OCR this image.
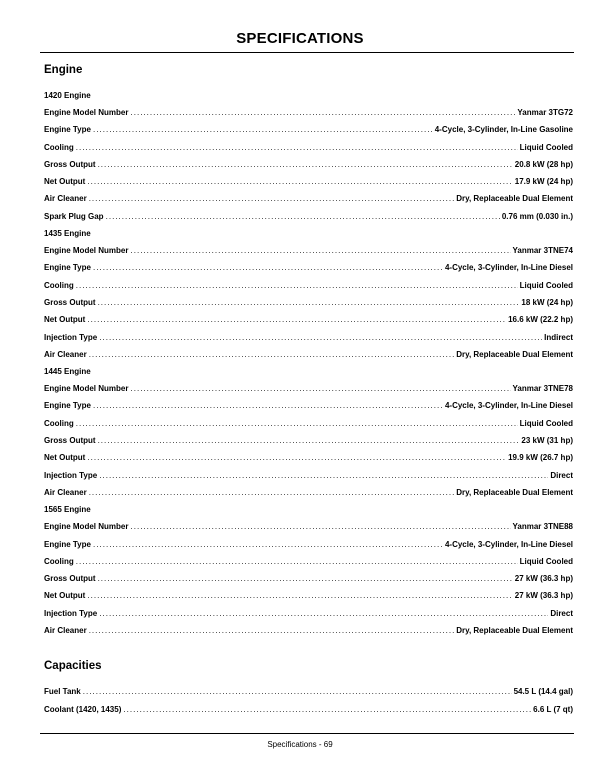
SPECIFICATIONS
Engine
1420 Engine
Engine Model Number . . .	Yanmar 3TG72
Engine Type . . .	4-Cycle, 3-Cylinder, In-Line Gasoline
Cooling . . .	Liquid Cooled
Gross Output . . .	20.8 kW (28 hp)
Net Output . . .	17.9 kW (24 hp)
Air Cleaner . . .	Dry, Replaceable Dual Element
Spark Plug Gap . . .	0.76 mm (0.030 in.)
1435 Engine
Engine Model Number . . .	Yanmar 3TNE74
Engine Type . . .	4-Cycle, 3-Cylinder, In-Line Diesel
Cooling . . .	Liquid Cooled
Gross Output . . .	18 kW (24 hp)
Net Output . . .	16.6 kW (22.2 hp)
Injection Type . . .	Indirect
Air Cleaner . . .	Dry, Replaceable Dual Element
1445 Engine
Engine Model Number . . .	Yanmar 3TNE78
Engine Type . . .	4-Cycle, 3-Cylinder, In-Line Diesel
Cooling . . .	Liquid Cooled
Gross Output . . .	23 kW (31 hp)
Net Output . . .	19.9 kW (26.7 hp)
Injection Type . . .	Direct
Air Cleaner . . .	Dry, Replaceable Dual Element
1565 Engine
Engine Model Number . . .	Yanmar 3TNE88
Engine Type . . .	4-Cycle, 3-Cylinder, In-Line Diesel
Cooling . . .	Liquid Cooled
Gross Output . . .	27 kW (36.3 hp)
Net Output . . .	27 kW (36.3 hp)
Injection Type . . .	Direct
Air Cleaner . . .	Dry, Replaceable Dual Element
Capacities
Fuel Tank . . .	54.5 L (14.4 gal)
Coolant (1420, 1435) . . .	6.6 L (7 qt)
Specifications - 69
